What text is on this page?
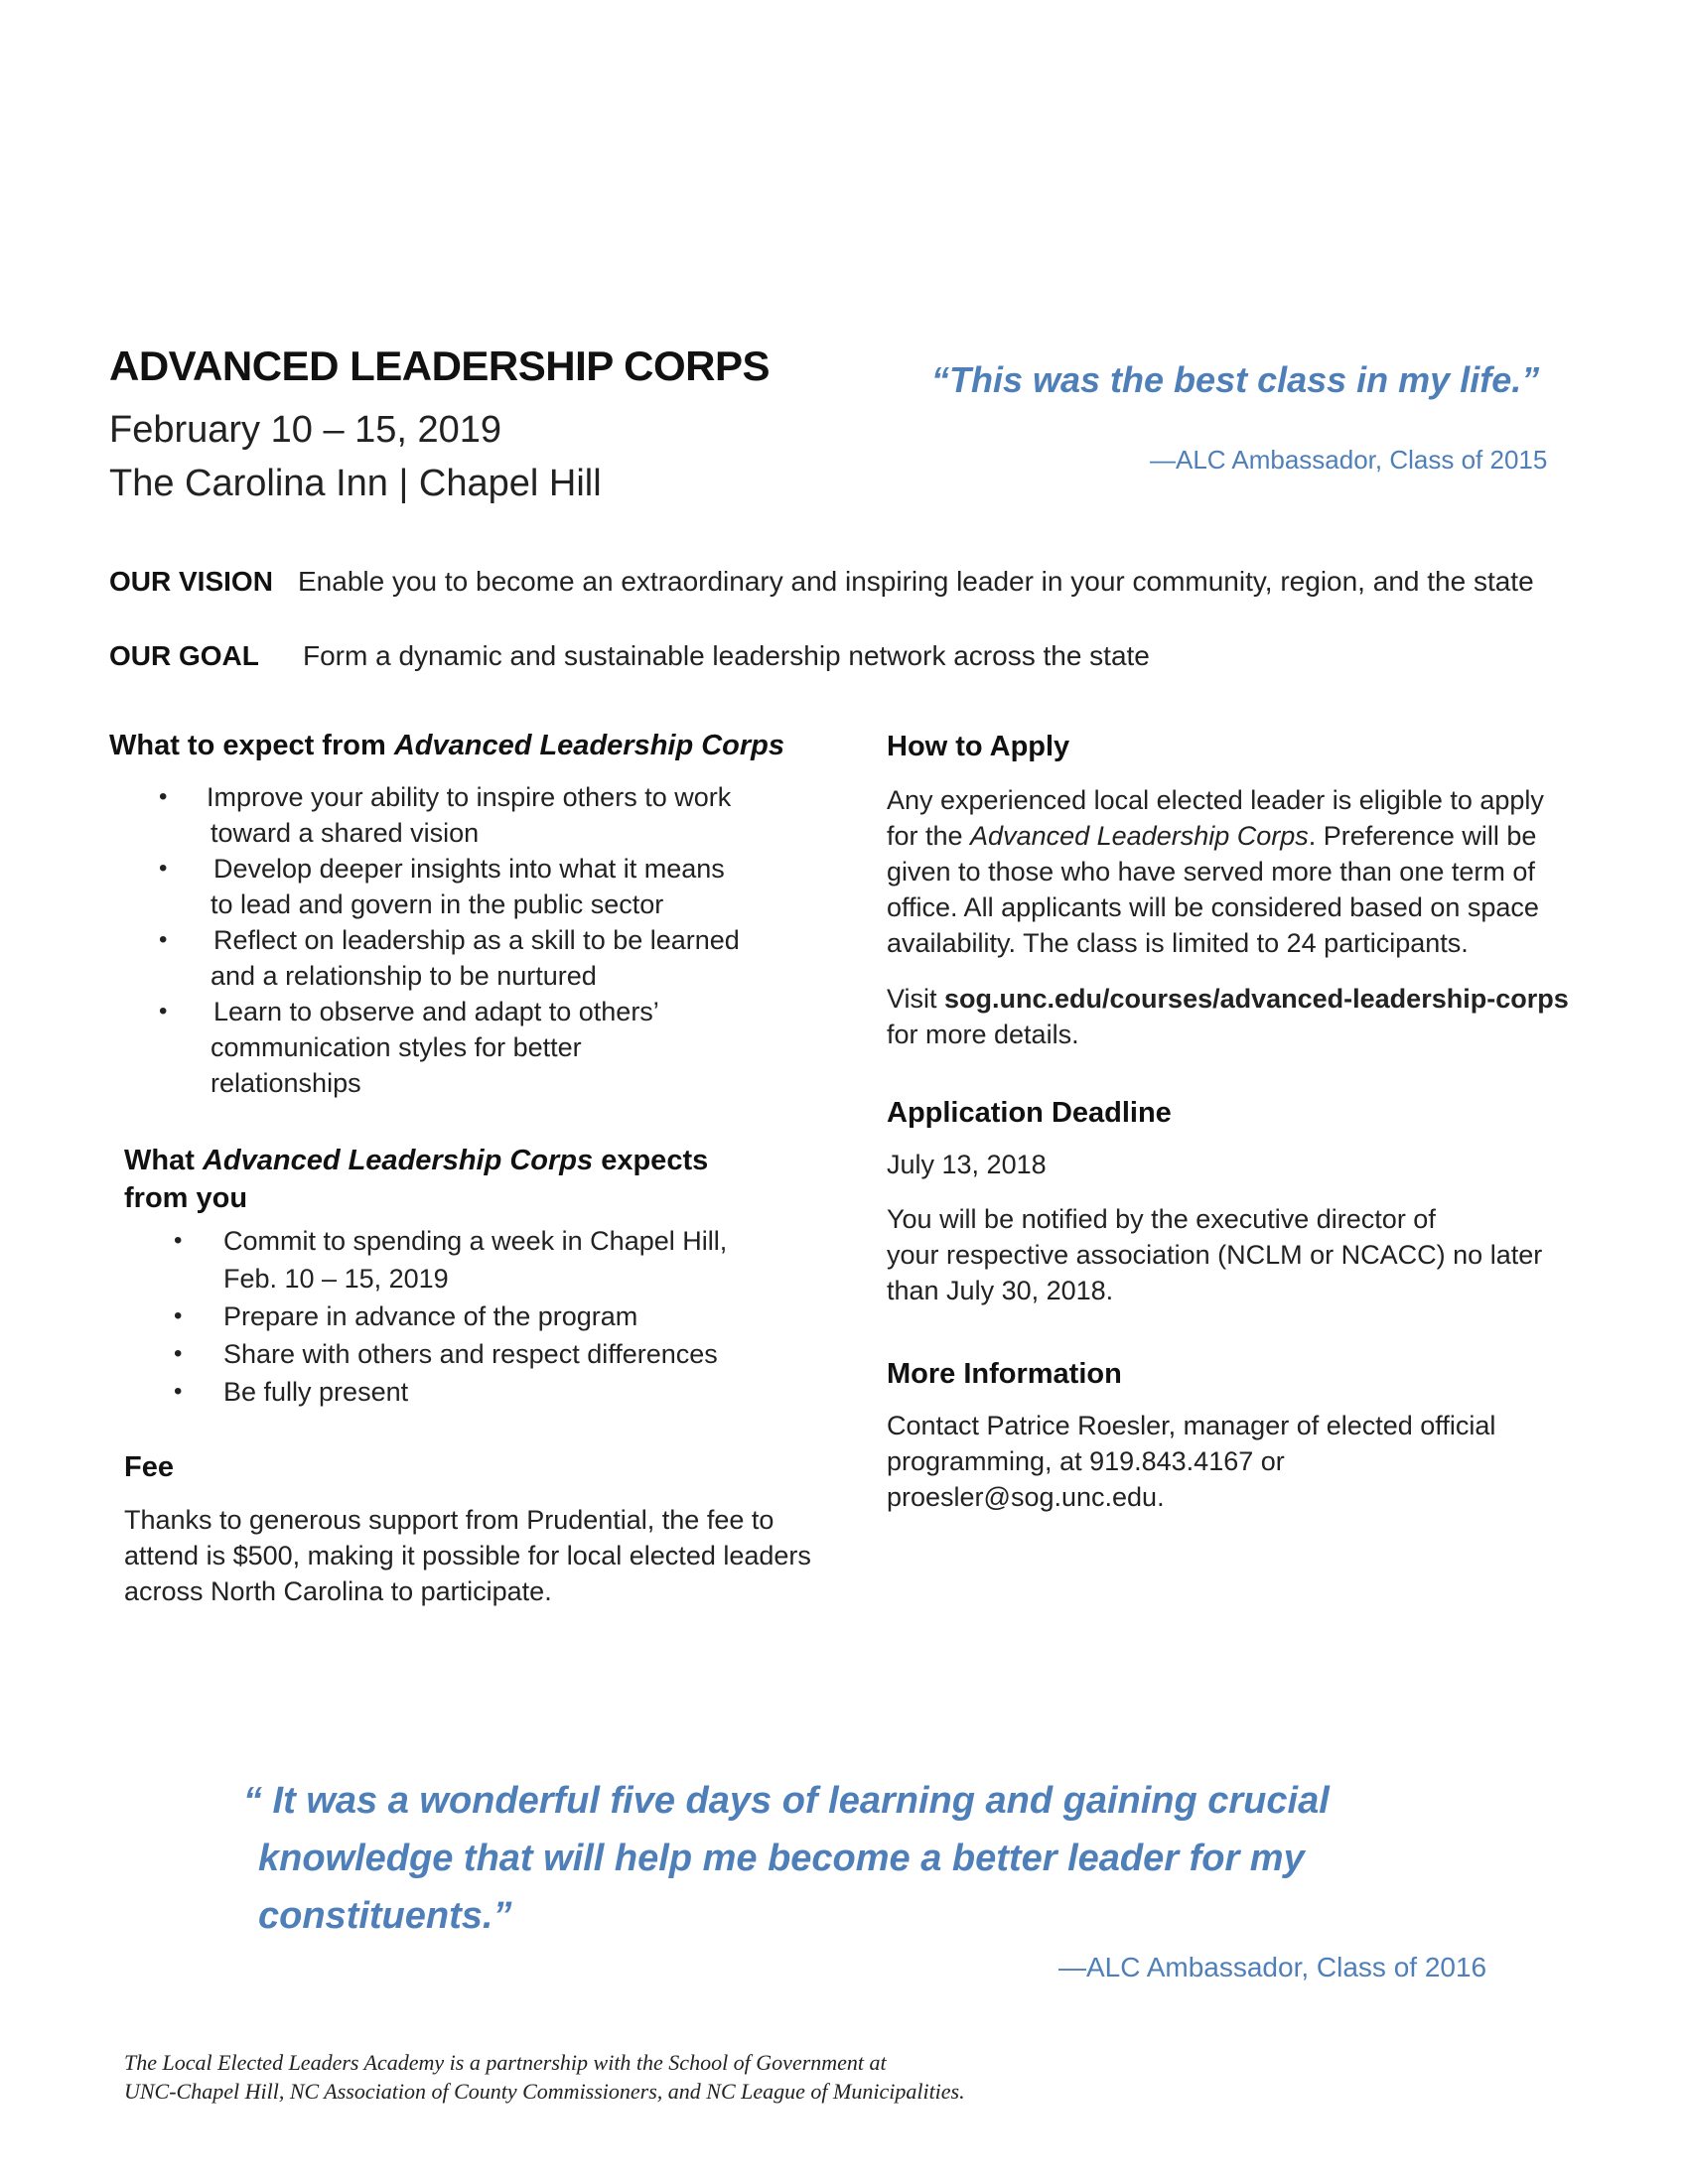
ADVANCED LEADERSHIP CORPS
February 10 – 15, 2019
The Carolina Inn | Chapel Hill
“This was the best class in my life.”
—ALC Ambassador, Class of 2015
OUR VISION Enable you to become an extraordinary and inspiring leader in your community, region, and the state
OUR GOAL Form a dynamic and sustainable leadership network across the state
What to expect from Advanced Leadership Corps
• Improve your ability to inspire others to work
toward a shared vision
• Develop deeper insights into what it means
to lead and govern in the public sector
• Reflect on leadership as a skill to be learned
and a relationship to be nurtured
• Learn to observe and adapt to others’
communication styles for better
relationships
What Advanced Leadership Corps expects
from you
• Commit to spending a week in Chapel Hill,
Feb. 10 – 15, 2019
• Prepare in advance of the program
• Share with others and respect differences
• Be fully present
Fee
Thanks to generous support from Prudential, the fee to
attend is $500, making it possible for local elected leaders
across North Carolina to participate.
How to Apply
Any experienced local elected leader is eligible to apply
for the Advanced Leadership Corps. Preference will be
given to those who have served more than one term of
office. All applicants will be considered based on space
availability. The class is limited to 24 participants.
Visit sog.unc.edu/courses/advanced-leadership-corps
for more details.
Application Deadline
July 13, 2018
You will be notified by the executive director of
your respective association (NCLM or NCACC) no later
than July 30, 2018.
More Information
Contact Patrice Roesler, manager of elected official
programming, at 919.843.4167 or
proesler@sog.unc.edu.
“ It was a wonderful five days of learning and gaining crucial
knowledge that will help me become a better leader for my
constituents.”
—ALC Ambassador, Class of 2016
The Local Elected Leaders Academy is a partnership with the School of Government at
UNC-Chapel Hill, NC Association of County Commissioners, and NC League of Municipalities.
